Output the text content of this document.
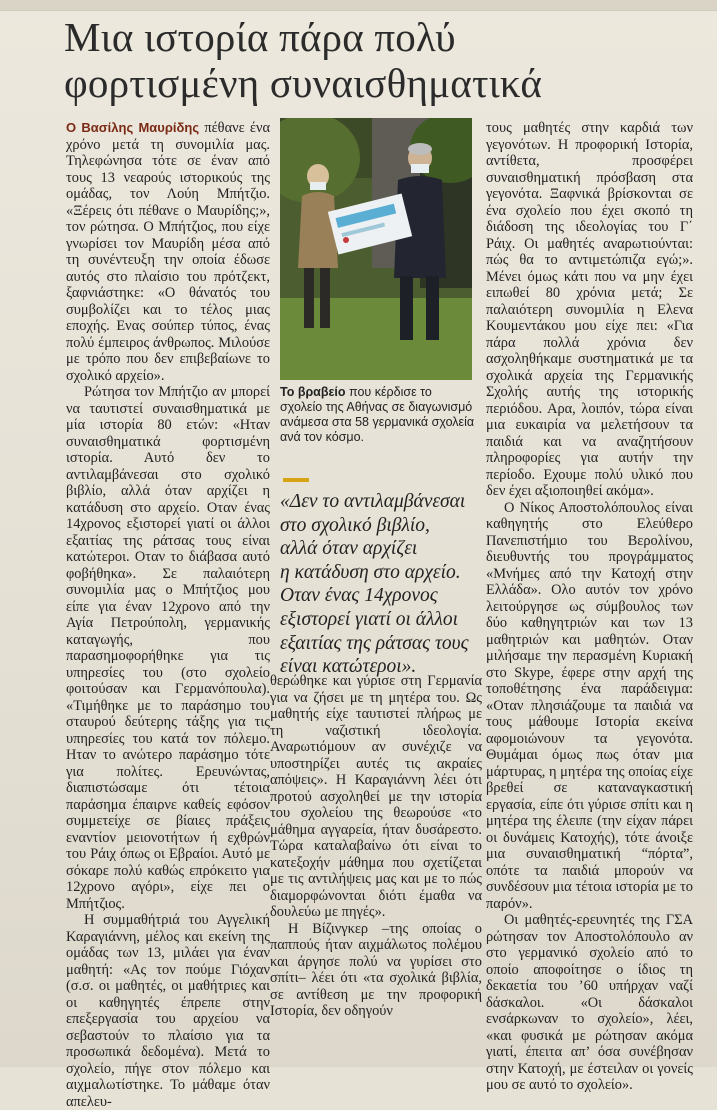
Μια ιστορία πάρα πολύ
φορτισμένη συναισθηματικά

Ο Βασίλης Μαυρίδης πέθανε ένα χρόνο μετά τη συνομιλία μας. Τηλεφώνησα τότε σε έναν από τους 13 νεαρούς ιστορικούς της ομάδας, τον Λούη Μπήτζιο. «Ξέρεις ότι πέθανε ο Μαυρίδης;», τον ρώτησα. Ο Μπήτζιος, που είχε γνωρίσει τον Μαυρίδη μέσα από τη συνέντευξη την οποία έδωσε αυτός στο πλαίσιο του πρότζεκτ, ξαφνιάστηκε: «Ο θάνατός του συμβολίζει και το τέλος μιας εποχής. Ενας σούπερ τύπος, ένας πολύ έμπειρος άνθρωπος. Μιλούσε με τρόπο που δεν επιβεβαίωνε το σχολικό αρχείο».

Ρώτησα τον Μπήτζιο αν μπορεί να ταυτιστεί συναισθηματικά με μία ιστορία 80 ετών: «Ηταν συναισθηματικά φορτισμένη ιστορία. Αυτό δεν το αντιλαμβάνεσαι στο σχολικό βιβλίο, αλλά όταν αρχίζει η κατάδυση στο αρχείο. Οταν ένας 14χρονος εξιστορεί γιατί οι άλλοι εξαιτίας της ράτσας τους είναι κατώτεροι. Οταν το διάβασα αυτό φοβήθηκα». Σε παλαιότερη συνομιλία μας ο Μπήτζιος μου είπε για έναν 12χρονο από την Αγία Πετρούπολη, γερμανικής καταγωγής, που παρασημοφορήθηκε για τις υπηρεσίες του (στο σχολείο φοιτούσαν και Γερμανόπουλα). «Τιμήθηκε με το παράσημο του σταυρού δεύτερης τάξης για τις υπηρεσίες του κατά τον πόλεμο. Ηταν το ανώτερο παράσημο τότε για πολίτες. Ερευνώντας, διαπιστώσαμε ότι τέτοια παράσημα έπαιρνε καθείς εφόσον συμμετείχε σε βίαιες πράξεις εναντίον μειονοτήτων ή εχθρών του Ράιχ όπως οι Εβραίοι. Αυτό με σόκαρε πολύ καθώς επρόκειτο για 12χρονο αγόρι», είχε πει ο Μπήτζιος.

Η συμμαθήτριά του Αγγελική Καραγιάννη, μέλος και εκείνη της ομάδας των 13, μιλάει για έναν μαθητή: «Ας τον πούμε Γιόχαν (σ.σ. οι μαθητές, οι μαθήτριες και οι καθηγητές έπρεπε στην επεξεργασία του αρχείου να σεβαστούν το πλαίσιο για τα προσωπικά δεδομένα). Μετά το σχολείο, πήγε στον πόλεμο και αιχμαλωτίστηκε. Το μάθαμε όταν απελευ-

Το βραβείο που κέρδισε το σχολείο της Αθήνας σε διαγωνισμό ανάμεσα στα 58 γερμανικά σχολεία ανά τον κόσμο.
«Δεν το αντιλαμβάνεσαι
στο σχολικό βιβλίο,
αλλά όταν αρχίζει
η κατάδυση στο αρχείο.
Οταν ένας 14χρονος
εξιστορεί γιατί οι άλλοι
εξαιτίας της ράτσας τους
είναι κατώτεροι».

θερώθηκε και γύρισε στη Γερμανία για να ζήσει με τη μητέρα του. Ως μαθητής είχε ταυτιστεί πλήρως με τη ναζιστική ιδεολογία. Αναρωτιόμουν αν συνέχιζε να υποστηρίζει αυτές τις ακραίες απόψεις». Η Καραγιάννη λέει ότι προτού ασχοληθεί με την ιστορία του σχολείου της θεωρούσε «το μάθημα αγγαρεία, ήταν δυσάρεστο. Τώρα καταλαβαίνω ότι είναι το κατεξοχήν μάθημα που σχετίζεται με τις αντιλήψεις μας και με το πώς διαμορφώνονται διότι έμαθα να δουλεύω με πηγές».

Η Βίζινγκερ –της οποίας ο παππούς ήταν αιχμάλωτος πολέμου και άργησε πολύ να γυρίσει στο σπίτι– λέει ότι «τα σχολικά βιβλία, σε αντίθεση με την προφορική Ιστορία, δεν οδηγούν

τους μαθητές στην καρδιά των γεγονότων. Η προφορική Ιστορία, αντίθετα, προσφέρει συναισθηματική πρόσβαση στα γεγονότα. Ξαφνικά βρίσκονται σε ένα σχολείο που έχει σκοπό τη διάδοση της ιδεολογίας του Γ΄ Ράιχ. Οι μαθητές αναρωτιούνται: πώς θα το αντιμετώπιζα εγώ;». Μένει όμως κάτι που να μην έχει ειπωθεί 80 χρόνια μετά; Σε παλαιότερη συνομιλία η Ελενα Κουμεντάκου μου είχε πει: «Για πάρα πολλά χρόνια δεν ασχοληθήκαμε συστηματικά με τα σχολικά αρχεία της Γερμανικής Σχολής αυτής της ιστορικής περιόδου. Αρα, λοιπόν, τώρα είναι μια ευκαιρία να μελετήσουν τα παιδιά και να αναζητήσουν πληροφορίες για αυτήν την περίοδο. Εχουμε πολύ υλικό που δεν έχει αξιοποιηθεί ακόμα».

Ο Νίκος Αποστολόπουλος είναι καθηγητής στο Ελεύθερο Πανεπιστήμιο του Βερολίνου, διευθυντής του προγράμματος «Μνήμες από την Κατοχή στην Ελλάδα». Ολο αυτόν τον χρόνο λειτούργησε ως σύμβουλος των δύο καθηγητριών και των 13 μαθητριών και μαθητών. Οταν μιλήσαμε την περασμένη Κυριακή στο Skype, έφερε στην αρχή της τοποθέτησης ένα παράδειγμα: «Οταν πλησιάζουμε τα παιδιά να τους μάθουμε Ιστορία εκείνα αφομοιώνουν τα γεγονότα. Θυμάμαι όμως πως όταν μια μάρτυρας, η μητέρα της οποίας είχε βρεθεί σε καταναγκαστική εργασία, είπε ότι γύρισε σπίτι και η μητέρα της έλειπε (την είχαν πάρει οι δυνάμεις Κατοχής), τότε άνοιξε μια συναισθηματική “πόρτα”, οπότε τα παιδιά μπορούν να συνδέσουν μια τέτοια ιστορία με το παρόν».

Οι μαθητές-ερευνητές της ΓΣΑ ρώτησαν τον Αποστολόπουλο αν στο γερμανικό σχολείο από το οποίο αποφοίτησε ο ίδιος τη δεκαετία του ’60 υπήρχαν ναζί δάσκαλοι. «Οι δάσκαλοι ενσάρκωναν το σχολείο», λέει, «και φυσικά με ρώτησαν ακόμα γιατί, έπειτα απ’ όσα συνέβησαν στην Κατοχή, με έστειλαν οι γονείς μου σε αυτό το σχολείο».
